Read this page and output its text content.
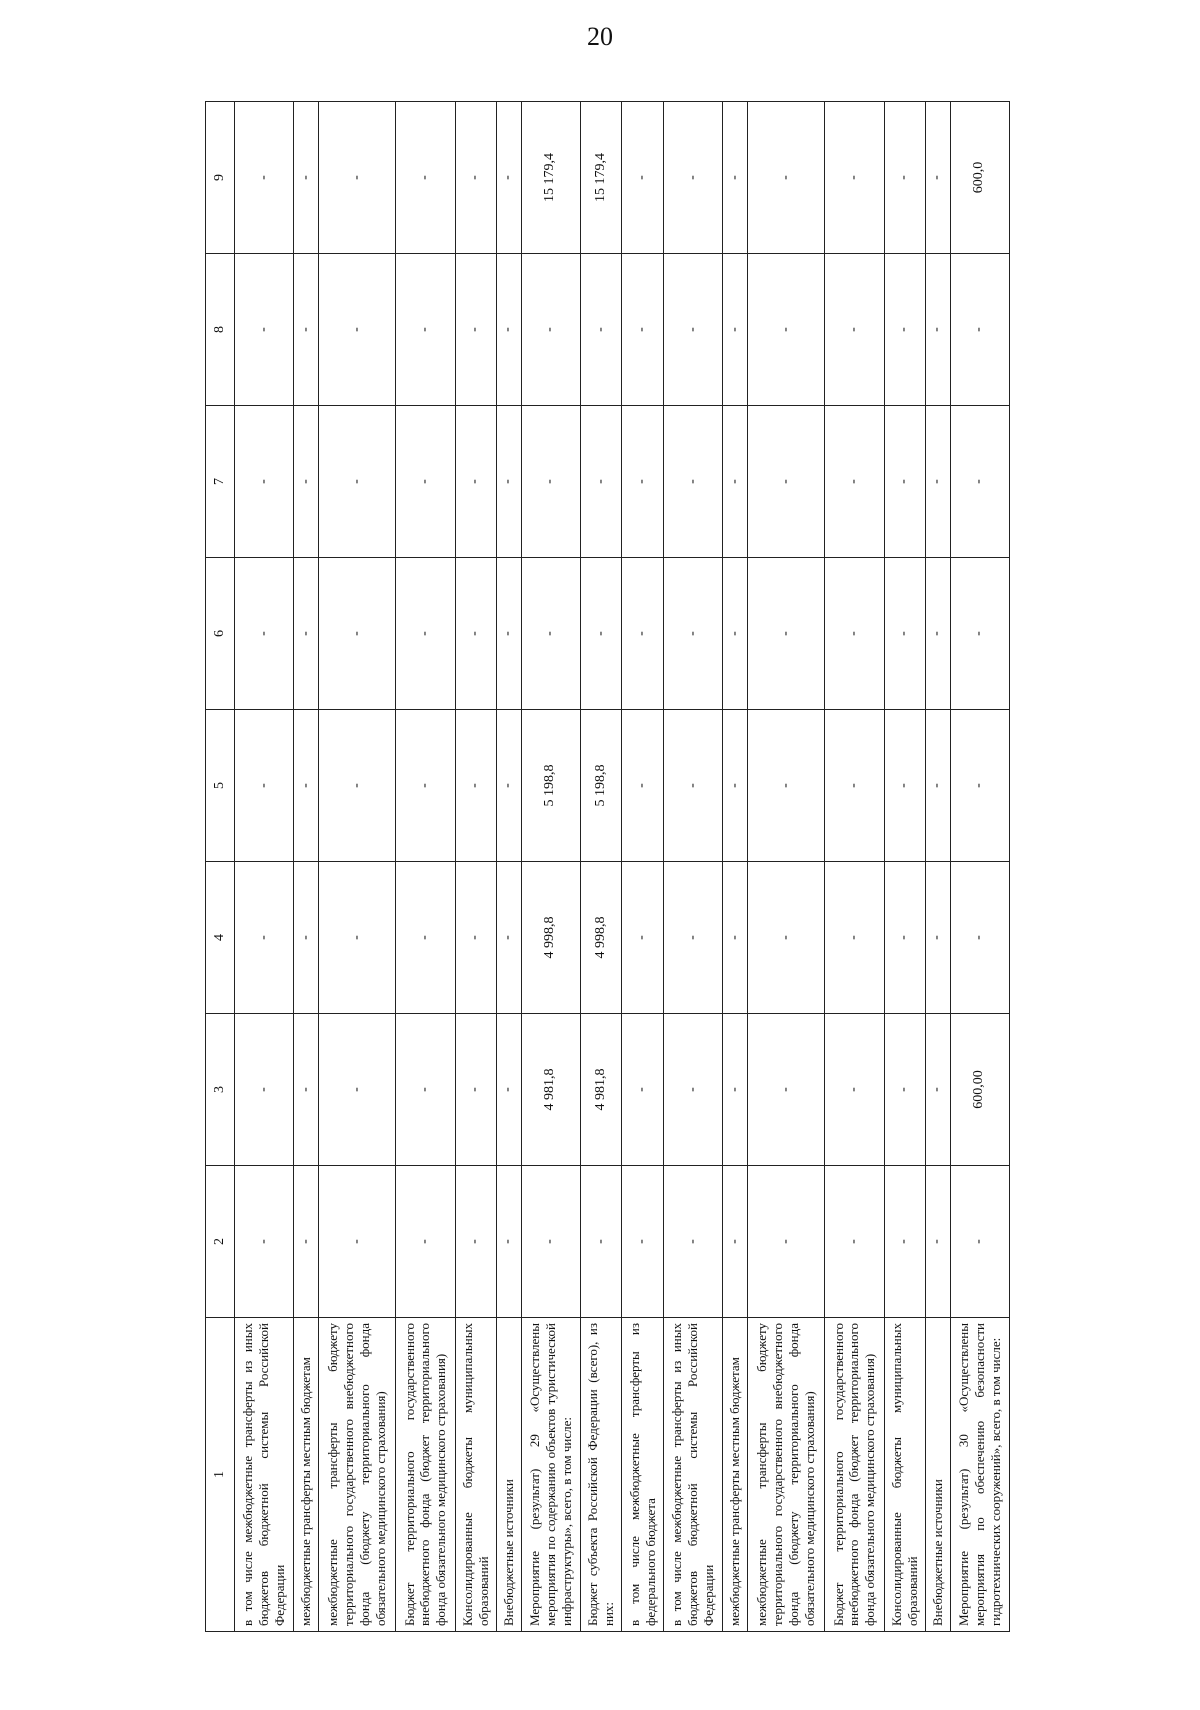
20
1	2	3	4	5	6	7	8	9
в том числе межбюджетные трансферты из иных бюджетов бюджетной системы Российской Федерации	-	-	-	-	-	-	-	-
межбюджетные трансферты местным бюджетам	-	-	-	-	-	-	-	-
межбюджетные трансферты бюджету территориального государственного внебюджетного фонда (бюджету территориального фонда обязательного медицинского страхования)	-	-	-	-	-	-	-	-
Бюджет территориального государственного внебюджетного фонда (бюджет территориального фонда обязательного медицинского страхования)	-	-	-	-	-	-	-	-
Консолидированные бюджеты муниципальных образований	-	-	-	-	-	-	-	-
Внебюджетные источники	-	-	-	-	-	-	-	-
Мероприятие (результат) 29 «Осуществлены мероприятия по содержанию объектов туристической инфраструктуры», всего, в том числе:	-	4 981,8	4 998,8	5 198,8	-	-	-	15 179,4
Бюджет субъекта Российской Федерации (всего), из них:	-	4 981,8	4 998,8	5 198,8	-	-	-	15 179,4
в том числе межбюджетные трансферты из федерального бюджета	-	-	-	-	-	-	-	-
в том числе межбюджетные трансферты из иных бюджетов бюджетной системы Российской Федерации	-	-	-	-	-	-	-	-
межбюджетные трансферты местным бюджетам	-	-	-	-	-	-	-	-
межбюджетные трансферты бюджету территориального государственного внебюджетного фонда (бюджету территориального фонда обязательного медицинского страхования)	-	-	-	-	-	-	-	-
Бюджет территориального государственного внебюджетного фонда (бюджет территориального фонда обязательного медицинского страхования)	-	-	-	-	-	-	-	-
Консолидированные бюджеты муниципальных образований	-	-	-	-	-	-	-	-
Внебюджетные источники	-	-	-	-	-	-	-	-
Мероприятие (результат) 30 «Осуществлены мероприятия по обеспечению безопасности гидротехнических сооружений», всего, в том числе:	-	600,00	-	-	-	-	-	600,0
